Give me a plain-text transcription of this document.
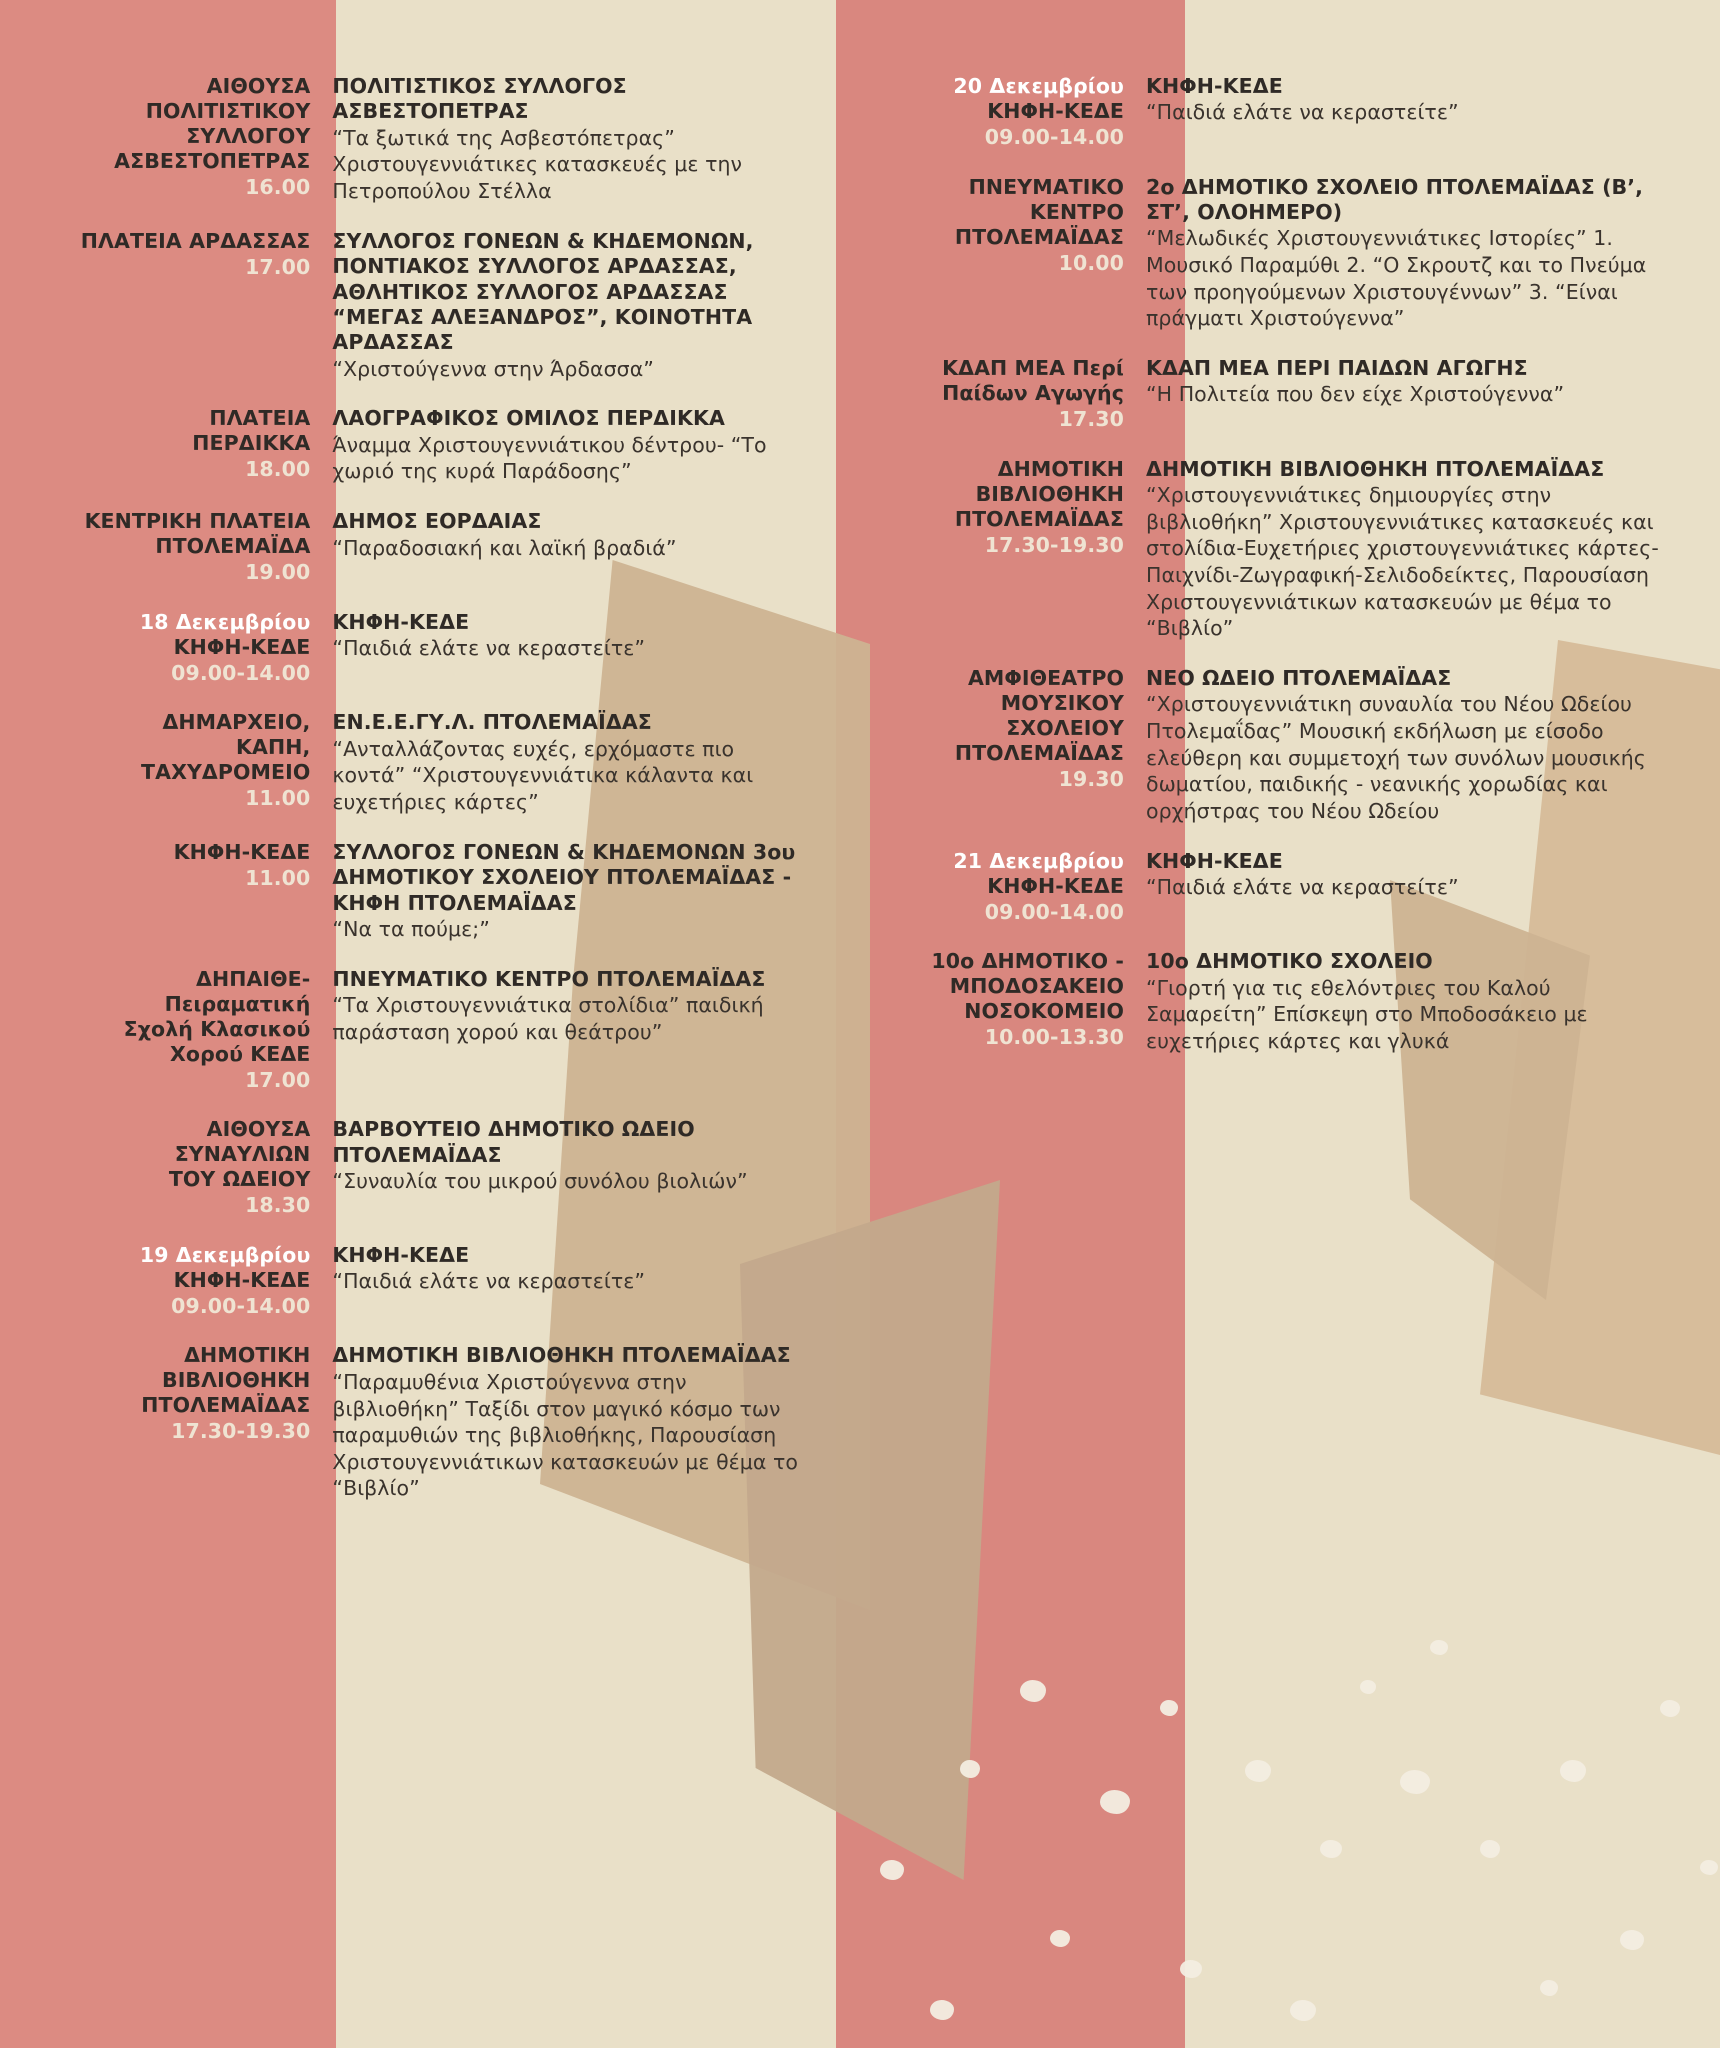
ΑΙΘΟΥΣΑ
ΠΟΛΙΤΙΣΤΙΚΟΥ
ΣΥΛΛΟΓΟΥ
ΑΣΒΕΣΤΟΠΕΤΡΑΣ
16.00
ΠΟΛΙΤΙΣΤΙΚΟΣ ΣΥΛΛΟΓΟΣ ΑΣΒΕΣΤΟΠΕΤΡΑΣ
“Τα ξωτικά της Ασβεστόπετρας” Χριστουγεννιάτικες κατασκευές με την Πετροπούλου Στέλλα
ΠΛΑΤΕΙΑ ΑΡΔΑΣΣΑΣ
17.00
ΣΥΛΛΟΓΟΣ ΓΟΝΕΩΝ & ΚΗΔΕΜΟΝΩΝ, ΠΟΝΤΙΑΚΟΣ ΣΥΛΛΟΓΟΣ ΑΡΔΑΣΣΑΣ, ΑΘΛΗΤΙΚΟΣ ΣΥΛΛΟΓΟΣ ΑΡΔΑΣΣΑΣ “ΜΕΓΑΣ ΑΛΕΞΑΝΔΡΟΣ”, ΚΟΙΝΟΤΗΤΑ ΑΡΔΑΣΣΑΣ
“Χριστούγεννα στην Άρδασσα”
ΠΛΑΤΕΙΑ
ΠΕΡΔΙΚΚΑ
18.00
ΛΑΟΓΡΑΦΙΚΟΣ ΟΜΙΛΟΣ ΠΕΡΔΙΚΚΑ
Άναμμα Χριστουγεννιάτικου δέντρου- “Το χωριό της κυρά Παράδοσης”
ΚΕΝΤΡΙΚΗ ΠΛΑΤΕΙΑ
ΠΤΟΛΕΜΑΪΔΑ
19.00
ΔΗΜΟΣ ΕΟΡΔΑΙΑΣ
“Παραδοσιακή και λαϊκή βραδιά”
18 Δεκεμβρίου
ΚΗΦΗ-ΚΕΔΕ
09.00-14.00
ΚΗΦΗ-ΚΕΔΕ
“Παιδιά ελάτε να κεραστείτε”
ΔΗΜΑΡΧΕΙΟ,
ΚΑΠΗ,
ΤΑΧΥΔΡΟΜΕΙΟ
11.00
ΕΝ.Ε.Ε.ΓΥ.Λ. ΠΤΟΛΕΜΑΪΔΑΣ
“Ανταλλάζοντας ευχές, ερχόμαστε πιο κοντά” “Χριστουγεννιάτικα κάλαντα και ευχετήριες κάρτες”
ΚΗΦΗ-ΚΕΔΕ
11.00
ΣΥΛΛΟΓΟΣ ΓΟΝΕΩΝ & ΚΗΔΕΜΟΝΩΝ 3ου ΔΗΜΟΤΙΚΟΥ ΣΧΟΛΕΙΟΥ ΠΤΟΛΕΜΑΪΔΑΣ - ΚΗΦΗ ΠΤΟΛΕΜΑΪΔΑΣ
“Να τα πούμε;”
ΔΗΠΑΙΘΕ-
Πειραματική
Σχολή Κλασικού
Χορού ΚΕΔΕ
17.00
ΠΝΕΥΜΑΤΙΚΟ ΚΕΝΤΡΟ ΠΤΟΛΕΜΑΪΔΑΣ
“Τα Χριστουγεννιάτικα στολίδια” παιδική παράσταση χορού και θεάτρου”
ΑΙΘΟΥΣΑ
ΣΥΝΑΥΛΙΩΝ
ΤΟΥ ΩΔΕΙΟΥ
18.30
ΒΑΡΒΟΥΤΕΙΟ ΔΗΜΟΤΙΚΟ ΩΔΕΙΟ ΠΤΟΛΕΜΑΪΔΑΣ
“Συναυλία του μικρού συνόλου βιολιών”
19 Δεκεμβρίου
ΚΗΦΗ-ΚΕΔΕ
09.00-14.00
ΚΗΦΗ-ΚΕΔΕ
“Παιδιά ελάτε να κεραστείτε”
ΔΗΜΟΤΙΚΗ
ΒΙΒΛΙΟΘΗΚΗ
ΠΤΟΛΕΜΑΪΔΑΣ
17.30-19.30
ΔΗΜΟΤΙΚΗ ΒΙΒΛΙΟΘΗΚΗ ΠΤΟΛΕΜΑΪΔΑΣ
“Παραμυθένια Χριστούγεννα στην βιβλιοθήκη” Ταξίδι στον μαγικό κόσμο των παραμυθιών της βιβλιοθήκης, Παρουσίαση Χριστουγεννιάτικων κατασκευών με θέμα το “Βιβλίο”
20 Δεκεμβρίου
ΚΗΦΗ-ΚΕΔΕ
09.00-14.00
ΚΗΦΗ-ΚΕΔΕ
“Παιδιά ελάτε να κεραστείτε”
ΠΝΕΥΜΑΤΙΚΟ
ΚΕΝΤΡΟ
ΠΤΟΛΕΜΑΪΔΑΣ
10.00
2ο ΔΗΜΟΤΙΚΟ ΣΧΟΛΕΙΟ ΠΤΟΛΕΜΑΪΔΑΣ (Β’, ΣΤ’, ΟΛΟΗΜΕΡΟ)
“Μελωδικές Χριστουγεννιάτικες Ιστορίες” 1. Μουσικό Παραμύθι 2. “Ο Σκρουτζ και το Πνεύμα των προηγούμενων Χριστουγέννων” 3. “Είναι πράγματι Χριστούγεννα”
ΚΔΑΠ ΜΕΑ Περί
Παίδων Αγωγής
17.30
ΚΔΑΠ ΜΕΑ ΠΕΡΙ ΠΑΙΔΩΝ ΑΓΩΓΗΣ
“Η Πολιτεία που δεν είχε Χριστούγεννα”
ΔΗΜΟΤΙΚΗ
ΒΙΒΛΙΟΘΗΚΗ
ΠΤΟΛΕΜΑΪΔΑΣ
17.30-19.30
ΔΗΜΟΤΙΚΗ ΒΙΒΛΙΟΘΗΚΗ ΠΤΟΛΕΜΑΪΔΑΣ
“Χριστουγεννιάτικες δημιουργίες στην βιβλιοθήκη” Χριστουγεννιάτικες κατασκευές και στολίδια-Ευχετήριες χριστουγεννιάτικες κάρτες-Παιχνίδι-Ζωγραφική-Σελιδοδείκτες, Παρουσίαση Χριστουγεννιάτικων κατασκευών με θέμα το “Βιβλίο”
ΑΜΦΙΘΕΑΤΡΟ
ΜΟΥΣΙΚΟΥ
ΣΧΟΛΕΙΟΥ
ΠΤΟΛΕΜΑΪΔΑΣ
19.30
ΝΕΟ ΩΔΕΙΟ ΠΤΟΛΕΜΑΪΔΑΣ
“Χριστουγεννιάτικη συναυλία του Νέου Ωδείου Πτολεμαΐδας” Μουσική εκδήλωση με είσοδο ελεύθερη και συμμετοχή των συνόλων μουσικής δωματίου, παιδικής - νεανικής χορωδίας και ορχήστρας του Νέου Ωδείου
21 Δεκεμβρίου
ΚΗΦΗ-ΚΕΔΕ
09.00-14.00
ΚΗΦΗ-ΚΕΔΕ
“Παιδιά ελάτε να κεραστείτε”
10ο ΔΗΜΟΤΙΚΟ -
ΜΠΟΔΟΣΑΚΕΙΟ
ΝΟΣΟΚΟΜΕΙΟ
10.00-13.30
10ο ΔΗΜΟΤΙΚΟ ΣΧΟΛΕΙΟ
“Γιορτή για τις εθελόντριες του Καλού Σαμαρείτη” Επίσκεψη στο Μποδοσάκειο με ευχετήριες κάρτες και γλυκά
